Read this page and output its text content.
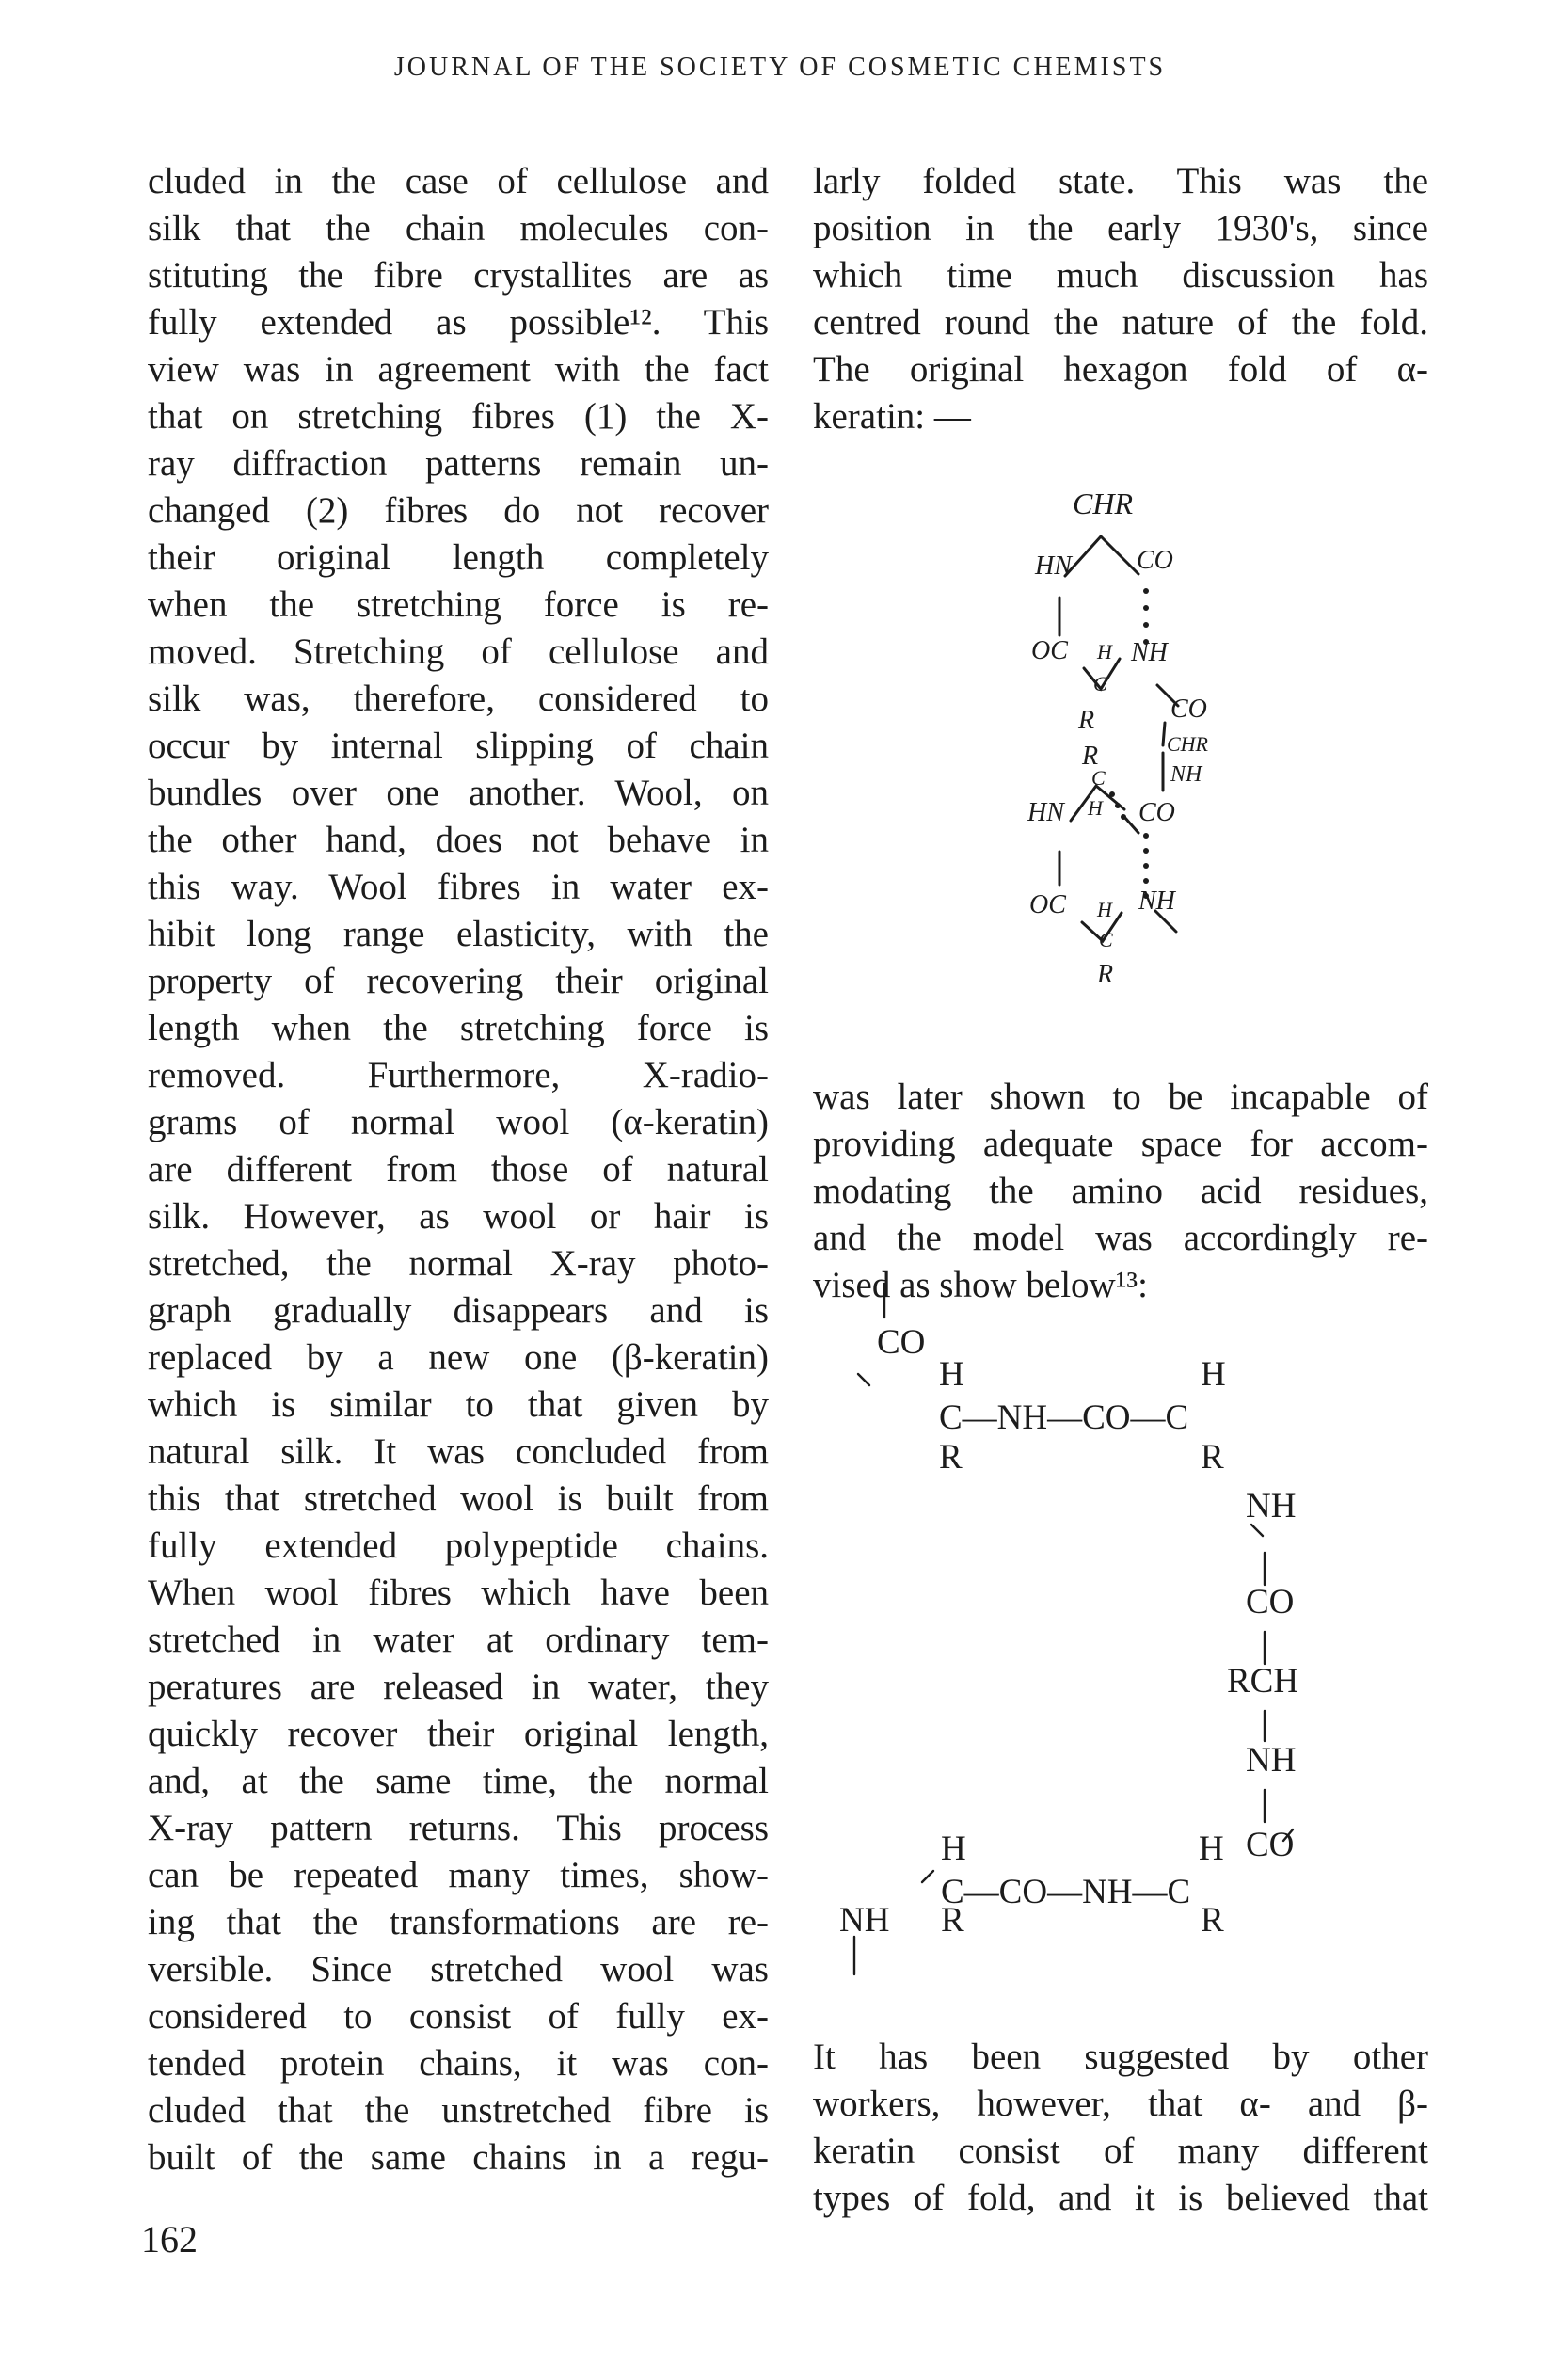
JOURNAL OF THE SOCIETY OF COSMETIC CHEMISTS

cluded in the case of cellulose and
silk that the chain molecules con-
stituting the fibre crystallites are as
fully extended as possible¹². This
view was in agreement with the fact
that on stretching fibres (1) the X-
ray diffraction patterns remain un-
changed (2) fibres do not recover
their original length completely
when the stretching force is re-
moved. Stretching of cellulose and
silk was, therefore, considered to
occur by internal slipping of chain
bundles over one another. Wool, on
the other hand, does not behave in
this way. Wool fibres in water ex-
hibit long range elasticity, with the
property of recovering their original
length when the stretching force is
removed. Furthermore, X-radio-
grams of normal wool (α-keratin)
are different from those of natural
silk. However, as wool or hair is
stretched, the normal X-ray photo-
graph gradually disappears and is
replaced by a new one (β-keratin)
which is similar to that given by
natural silk. It was concluded from
this that stretched wool is built from
fully extended polypeptide chains.
When wool fibres which have been
stretched in water at ordinary tem-
peratures are released in water, they
quickly recover their original length,
and, at the same time, the normal
X-ray pattern returns. This process
can be repeated many times, show-
ing that the transformations are re-
versible. Since stretched wool was
considered to consist of fully ex-
tended protein chains, it was con-
cluded that the unstretched fibre is
built of the same chains in a regu-

larly folded state. This was the
position in the early 1930's, since
which time much discussion has
centred round the nature of the fold.
The original hexagon fold of α-
keratin: —

CHR
HN CO
OC H NH
C
R	CO
R	CHR
NH
C
HN H CO
OC H NH
C
R

was later shown to be incapable of
providing adequate space for accom-
modating the amino acid residues,
and the model was accordingly re-
vised as show below¹³:

CO
H	H
C—NH—CO—C
R	R
NH
CO
RCH
NH
CO
H	H
C—CO—NH—C
NH R	R

It has been suggested by other
workers, however, that α- and β-
keratin consist of many different
types of fold, and it is believed that

162
